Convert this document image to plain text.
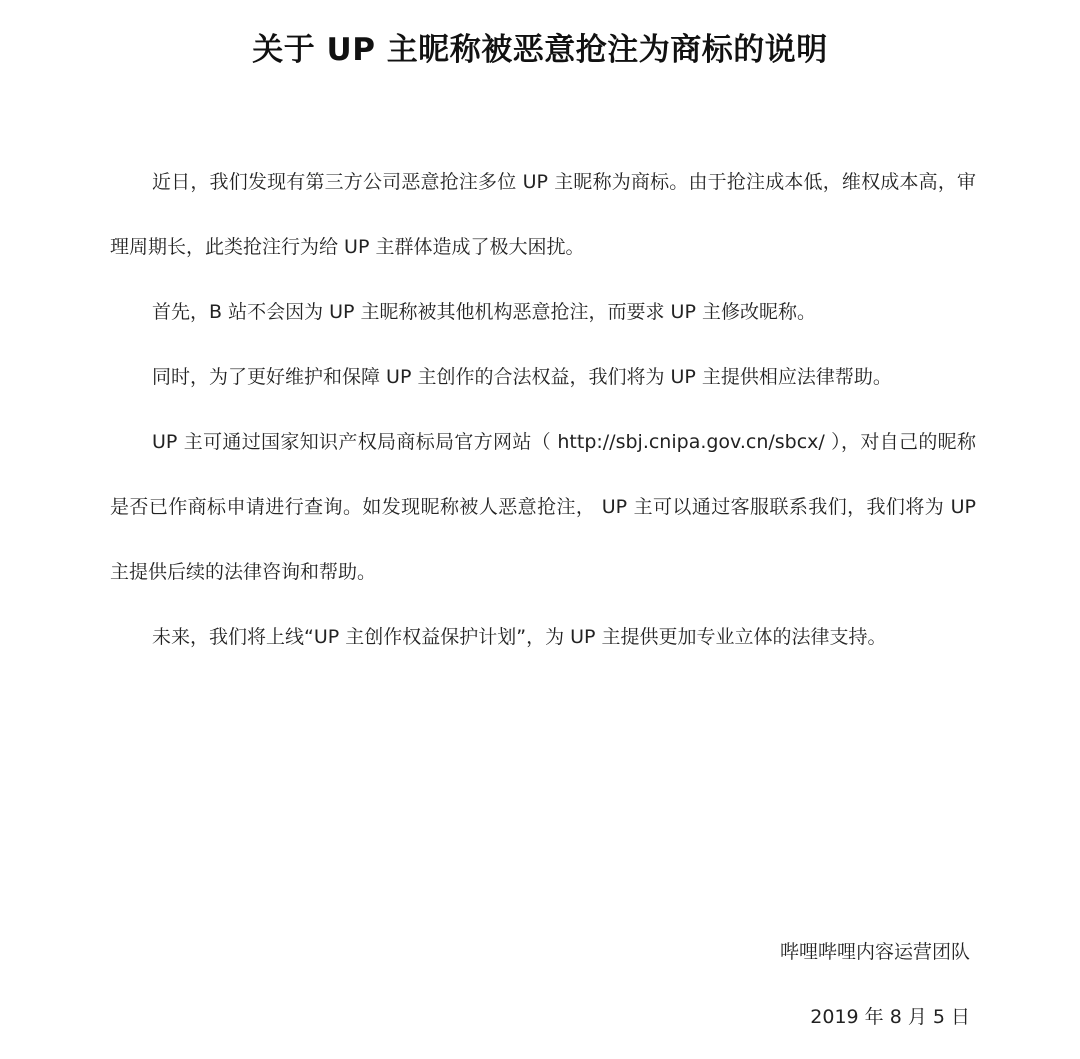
关于 UP 主昵称被恶意抢注为商标的说明

近日，我们发现有第三方公司恶意抢注多位 UP 主昵称为商标。由于抢注成本低，维权成本高，审理周期长，此类抢注行为给 UP 主群体造成了极大困扰。

首先，B 站不会因为 UP 主昵称被其他机构恶意抢注，而要求 UP 主修改昵称。

同时，为了更好维护和保障 UP 主创作的合法权益，我们将为 UP 主提供相应法律帮助。

UP 主可通过国家知识产权局商标局官方网站（ http://sbj.cnipa.gov.cn/sbcx/ ），对自己的昵称是否已作商标申请进行查询。如发现昵称被人恶意抢注， UP 主可以通过客服联系我们，我们将为 UP 主提供后续的法律咨询和帮助。

未来，我们将上线“UP 主创作权益保护计划”，为 UP 主提供更加专业立体的法律支持。

哔哩哔哩内容运营团队
2019 年 8 月 5 日
